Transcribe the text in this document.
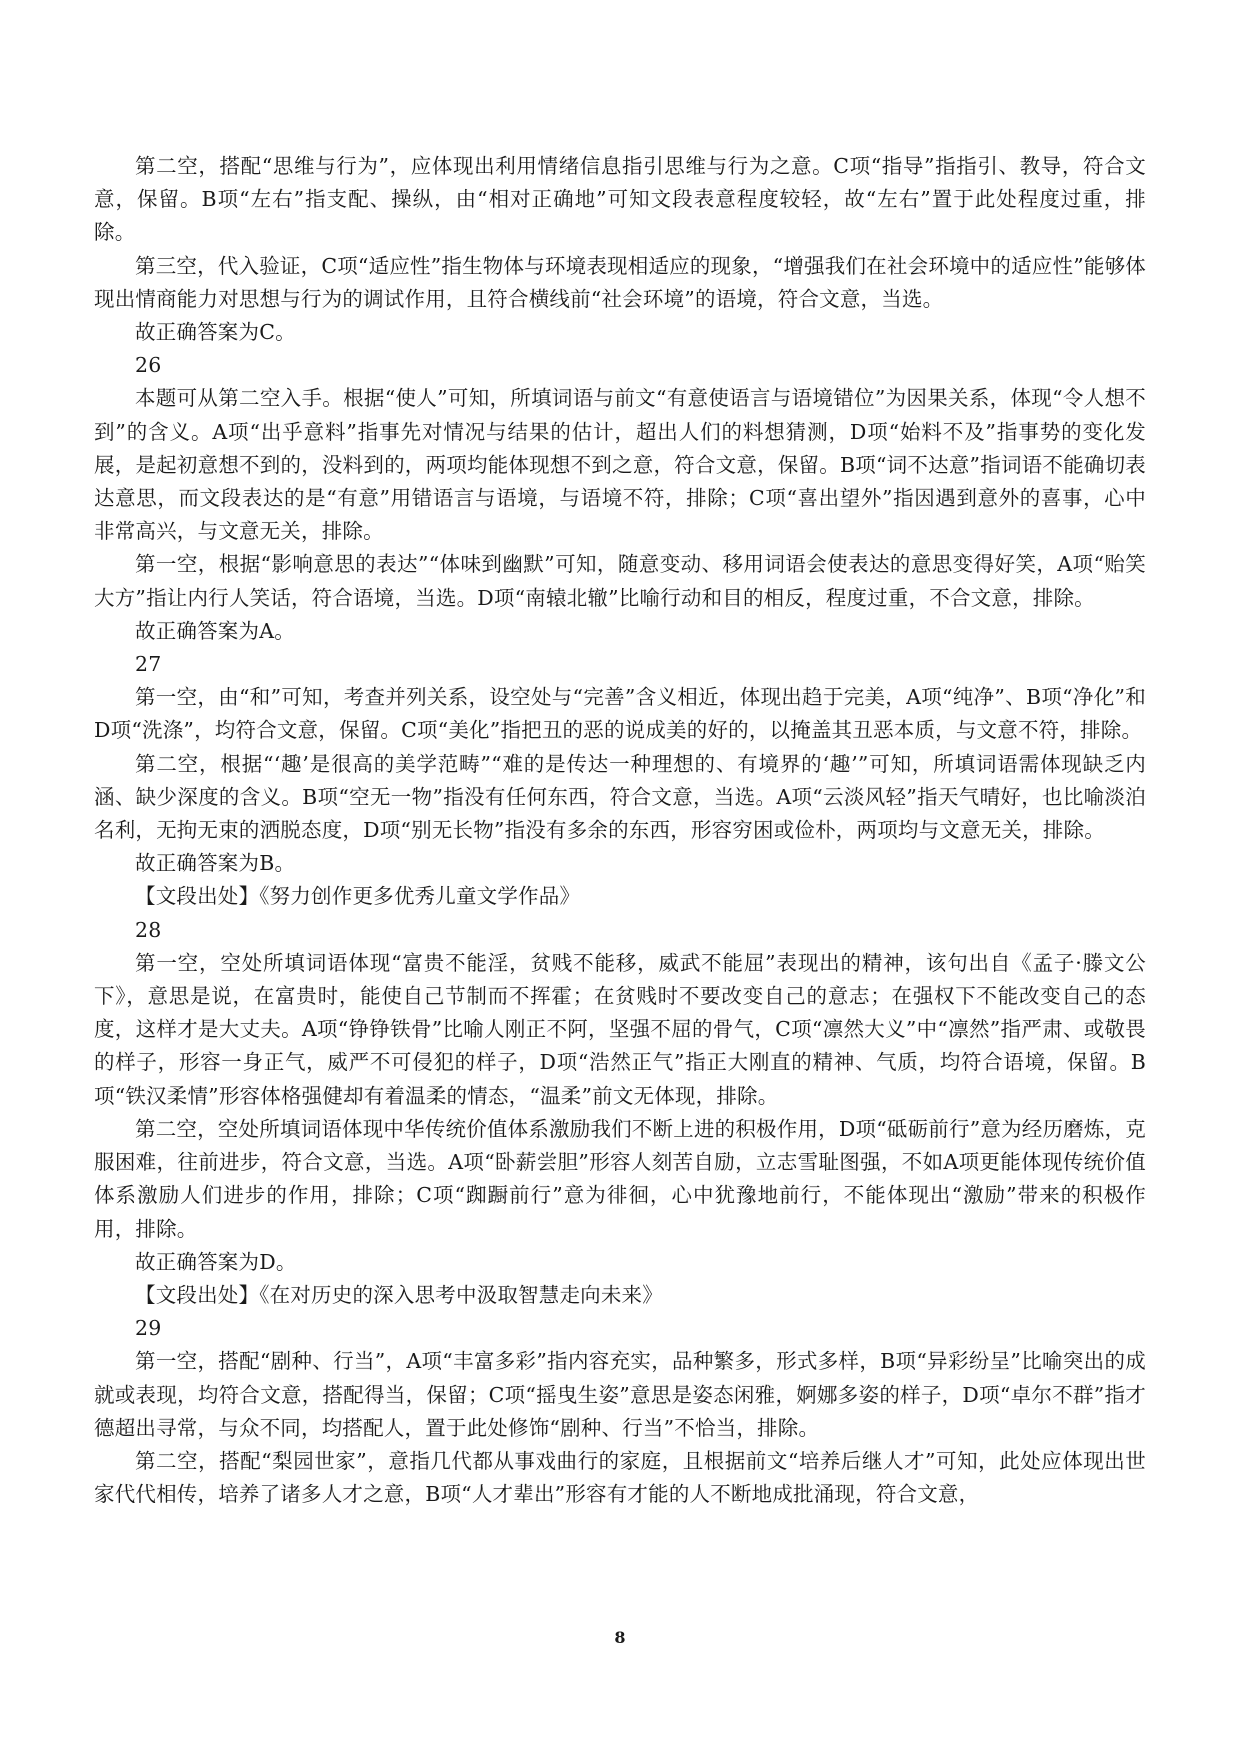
第二空，搭配“思维与行为”，应体现出利用情绪信息指引思维与行为之意。C项“指导”指指引、教导，符合文意，保留。B项“左右”指支配、操纵，由“相对正确地”可知文段表意程度较轻，故“左右”置于此处程度过重，排除。

第三空，代入验证，C项“适应性”指生物体与环境表现相适应的现象，“增强我们在社会环境中的适应性”能够体现出情商能力对思想与行为的调试作用，且符合横线前“社会环境”的语境，符合文意，当选。

故正确答案为C。

26

本题可从第二空入手。根据“使人”可知，所填词语与前文“有意使语言与语境错位”为因果关系，体现“令人想不到”的含义。A项“出乎意料”指事先对情况与结果的估计，超出人们的料想猜测，D项“始料不及”指事势的变化发展，是起初意想不到的，没料到的，两项均能体现想不到之意，符合文意，保留。B项“词不达意”指词语不能确切表达意思，而文段表达的是“有意”用错语言与语境，与语境不符，排除；C项“喜出望外”指因遇到意外的喜事，心中非常高兴，与文意无关，排除。

第一空，根据“影响意思的表达”“体味到幽默”可知，随意变动、移用词语会使表达的意思变得好笑，A项“贻笑大方”指让内行人笑话，符合语境，当选。D项“南辕北辙”比喻行动和目的相反，程度过重，不合文意，排除。

故正确答案为A。

27

第一空，由“和”可知，考查并列关系，设空处与“完善”含义相近，体现出趋于完美，A项“纯净”、B项“净化”和D项“洗涤”，均符合文意，保留。C项“美化”指把丑的恶的说成美的好的，以掩盖其丑恶本质，与文意不符，排除。

第二空，根据“‘趣’是很高的美学范畴”“难的是传达一种理想的、有境界的‘趣’”可知，所填词语需体现缺乏内涵、缺少深度的含义。B项“空无一物”指没有任何东西，符合文意，当选。A项“云淡风轻”指天气晴好，也比喻淡泊名利，无拘无束的洒脱态度，D项“别无长物”指没有多余的东西，形容穷困或俭朴，两项均与文意无关，排除。

故正确答案为B。

【文段出处】《努力创作更多优秀儿童文学作品》

28

第一空，空处所填词语体现“富贵不能淫，贫贱不能移，威武不能屈”表现出的精神，该句出自《孟子·滕文公下》，意思是说，在富贵时，能使自己节制而不挥霍；在贫贱时不要改变自己的意志；在强权下不能改变自己的态度，这样才是大丈夫。A项“铮铮铁骨”比喻人刚正不阿，坚强不屈的骨气，C项“凛然大义”中“凛然”指严肃、或敬畏的样子，形容一身正气，威严不可侵犯的样子，D项“浩然正气”指正大刚直的精神、气质，均符合语境，保留。B项“铁汉柔情”形容体格强健却有着温柔的情态，“温柔”前文无体现，排除。

第二空，空处所填词语体现中华传统价值体系激励我们不断上进的积极作用，D项“砥砺前行”意为经历磨炼，克服困难，往前进步，符合文意，当选。A项“卧薪尝胆”形容人刻苦自励，立志雪耻图强，不如A项更能体现传统价值体系激励人们进步的作用，排除；C项“踟蹰前行”意为徘徊，心中犹豫地前行，不能体现出“激励”带来的积极作用，排除。

故正确答案为D。

【文段出处】《在对历史的深入思考中汲取智慧走向未来》

29

第一空，搭配“剧种、行当”，A项“丰富多彩”指内容充实，品种繁多，形式多样，B项“异彩纷呈”比喻突出的成就或表现，均符合文意，搭配得当，保留；C项“摇曳生姿”意思是姿态闲雅，婀娜多姿的样子，D项“卓尔不群”指才德超出寻常，与众不同，均搭配人，置于此处修饰“剧种、行当”不恰当，排除。

第二空，搭配“梨园世家”，意指几代都从事戏曲行的家庭，且根据前文“培养后继人才”可知，此处应体现出世家代代相传，培养了诸多人才之意，B项“人才辈出”形容有才能的人不断地成批涌现，符合文意，

8
